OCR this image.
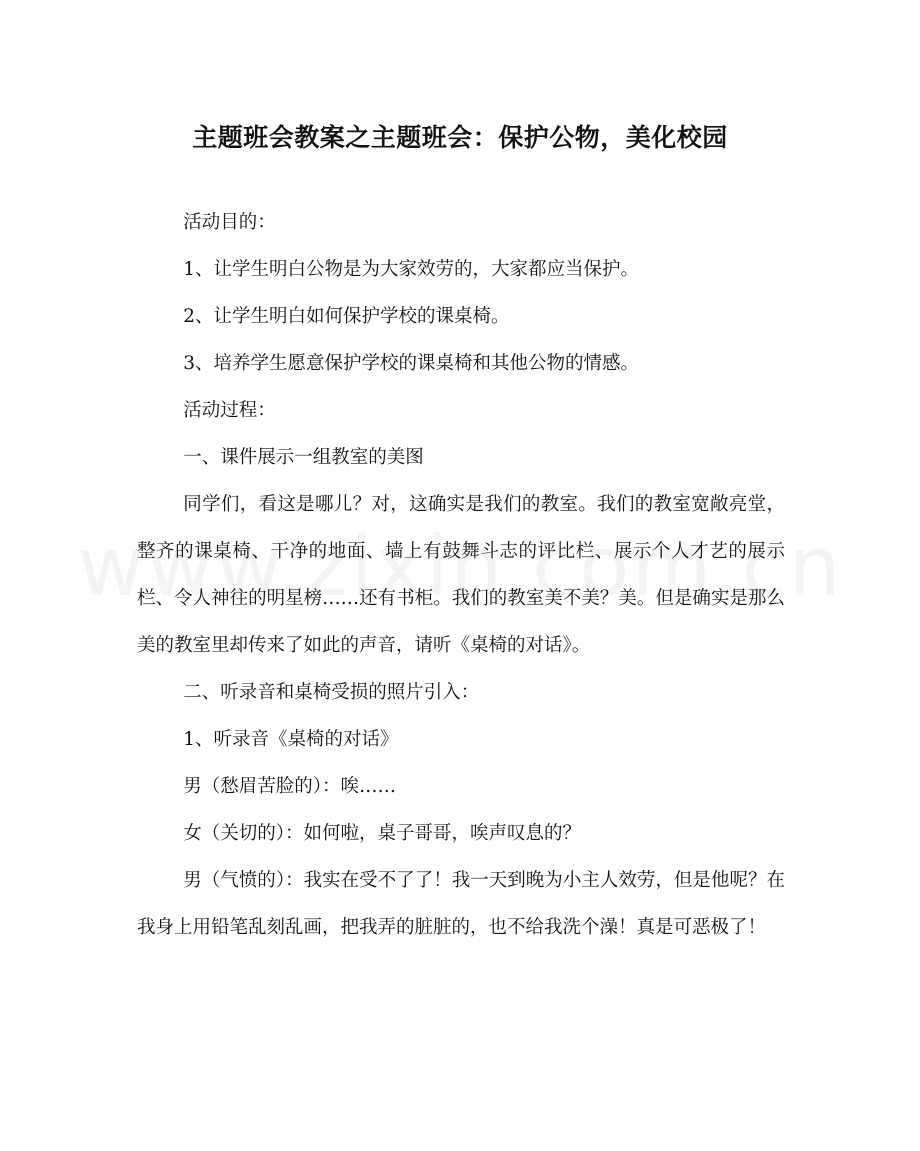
主题班会教案之主题班会：保护公物，美化校园

活动目的：

1、让学生明白公物是为大家效劳的，大家都应当保护。

2、让学生明白如何保护学校的课桌椅。

3、培养学生愿意保护学校的课桌椅和其他公物的情感。

活动过程：

一、课件展示一组教室的美图

同学们，看这是哪儿？对，这确实是我们的教室。我们的教室宽敞亮堂，整齐的课桌椅、干净的地面、墙上有鼓舞斗志的评比栏、展示个人才艺的展示栏、令人神往的明星榜……还有书柜。我们的教室美不美？美。但是确实是那么美的教室里却传来了如此的声音，请听《桌椅的对话》。

二、听录音和桌椅受损的照片引入：

1、听录音《桌椅的对话》

男（愁眉苦脸的）：唉……

女（关切的）：如何啦，桌子哥哥，唉声叹息的？

男（气愤的）：我实在受不了了！我一天到晚为小主人效劳，但是他呢？在我身上用铅笔乱刻乱画，把我弄的脏脏的，也不给我洗个澡！真是可恶极了！
